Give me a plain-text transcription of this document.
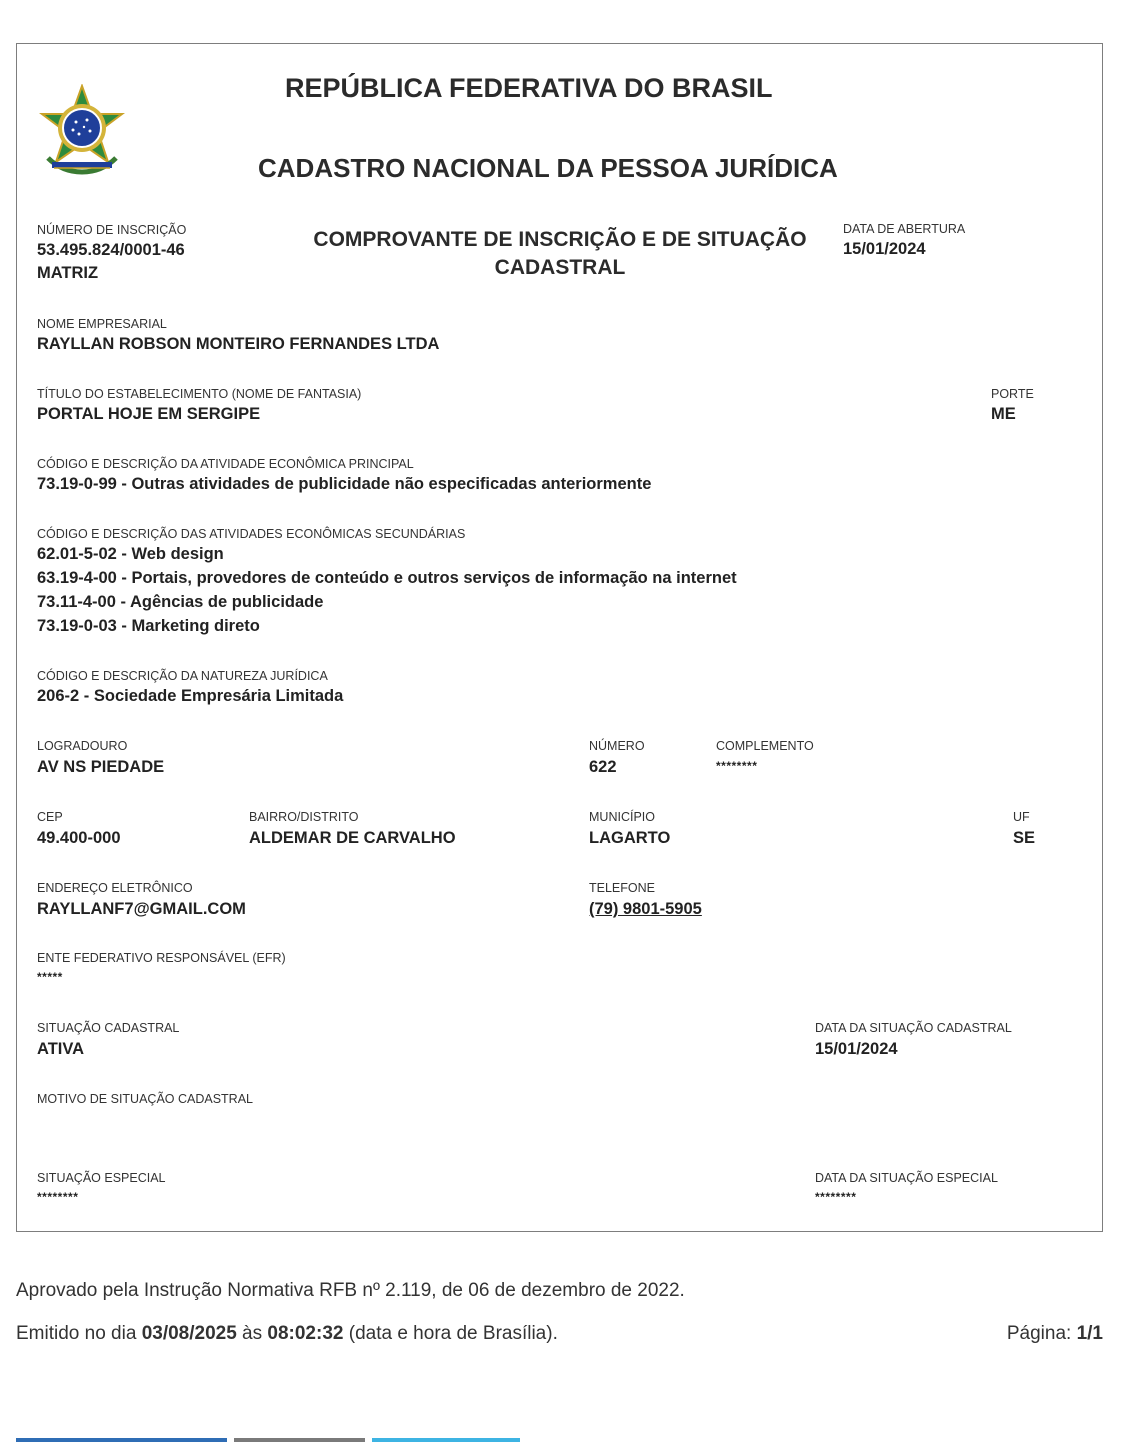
REPÚBLICA FEDERATIVA DO BRASIL
CADASTRO NACIONAL DA PESSOA JURÍDICA
NÚMERO DE INSCRIÇÃO
53.495.824/0001-46
MATRIZ
COMPROVANTE DE INSCRIÇÃO E DE SITUAÇÃO CADASTRAL
DATA DE ABERTURA
15/01/2024
NOME EMPRESARIAL
RAYLLAN ROBSON MONTEIRO FERNANDES LTDA
TÍTULO DO ESTABELECIMENTO (NOME DE FANTASIA)
PORTAL HOJE EM SERGIPE
PORTE
ME
CÓDIGO E DESCRIÇÃO DA ATIVIDADE ECONÔMICA PRINCIPAL
73.19-0-99 - Outras atividades de publicidade não especificadas anteriormente
CÓDIGO E DESCRIÇÃO DAS ATIVIDADES ECONÔMICAS SECUNDÁRIAS
62.01-5-02 - Web design
63.19-4-00 - Portais, provedores de conteúdo e outros serviços de informação na internet
73.11-4-00 - Agências de publicidade
73.19-0-03 - Marketing direto
CÓDIGO E DESCRIÇÃO DA NATUREZA JURÍDICA
206-2 - Sociedade Empresária Limitada
LOGRADOURO
AV NS PIEDADE
NÚMERO
622
COMPLEMENTO
********
CEP
49.400-000
BAIRRO/DISTRITO
ALDEMAR DE CARVALHO
MUNICÍPIO
LAGARTO
UF
SE
ENDEREÇO ELETRÔNICO
RAYLLANF7@GMAIL.COM
TELEFONE
(79) 9801-5905
ENTE FEDERATIVO RESPONSÁVEL (EFR)
*****
SITUAÇÃO CADASTRAL
ATIVA
DATA DA SITUAÇÃO CADASTRAL
15/01/2024
MOTIVO DE SITUAÇÃO CADASTRAL
SITUAÇÃO ESPECIAL
********
DATA DA SITUAÇÃO ESPECIAL
********
Aprovado pela Instrução Normativa RFB nº 2.119, de 06 de dezembro de 2022.
Emitido no dia 03/08/2025 às 08:02:32 (data e hora de Brasília).	Página: 1/1
